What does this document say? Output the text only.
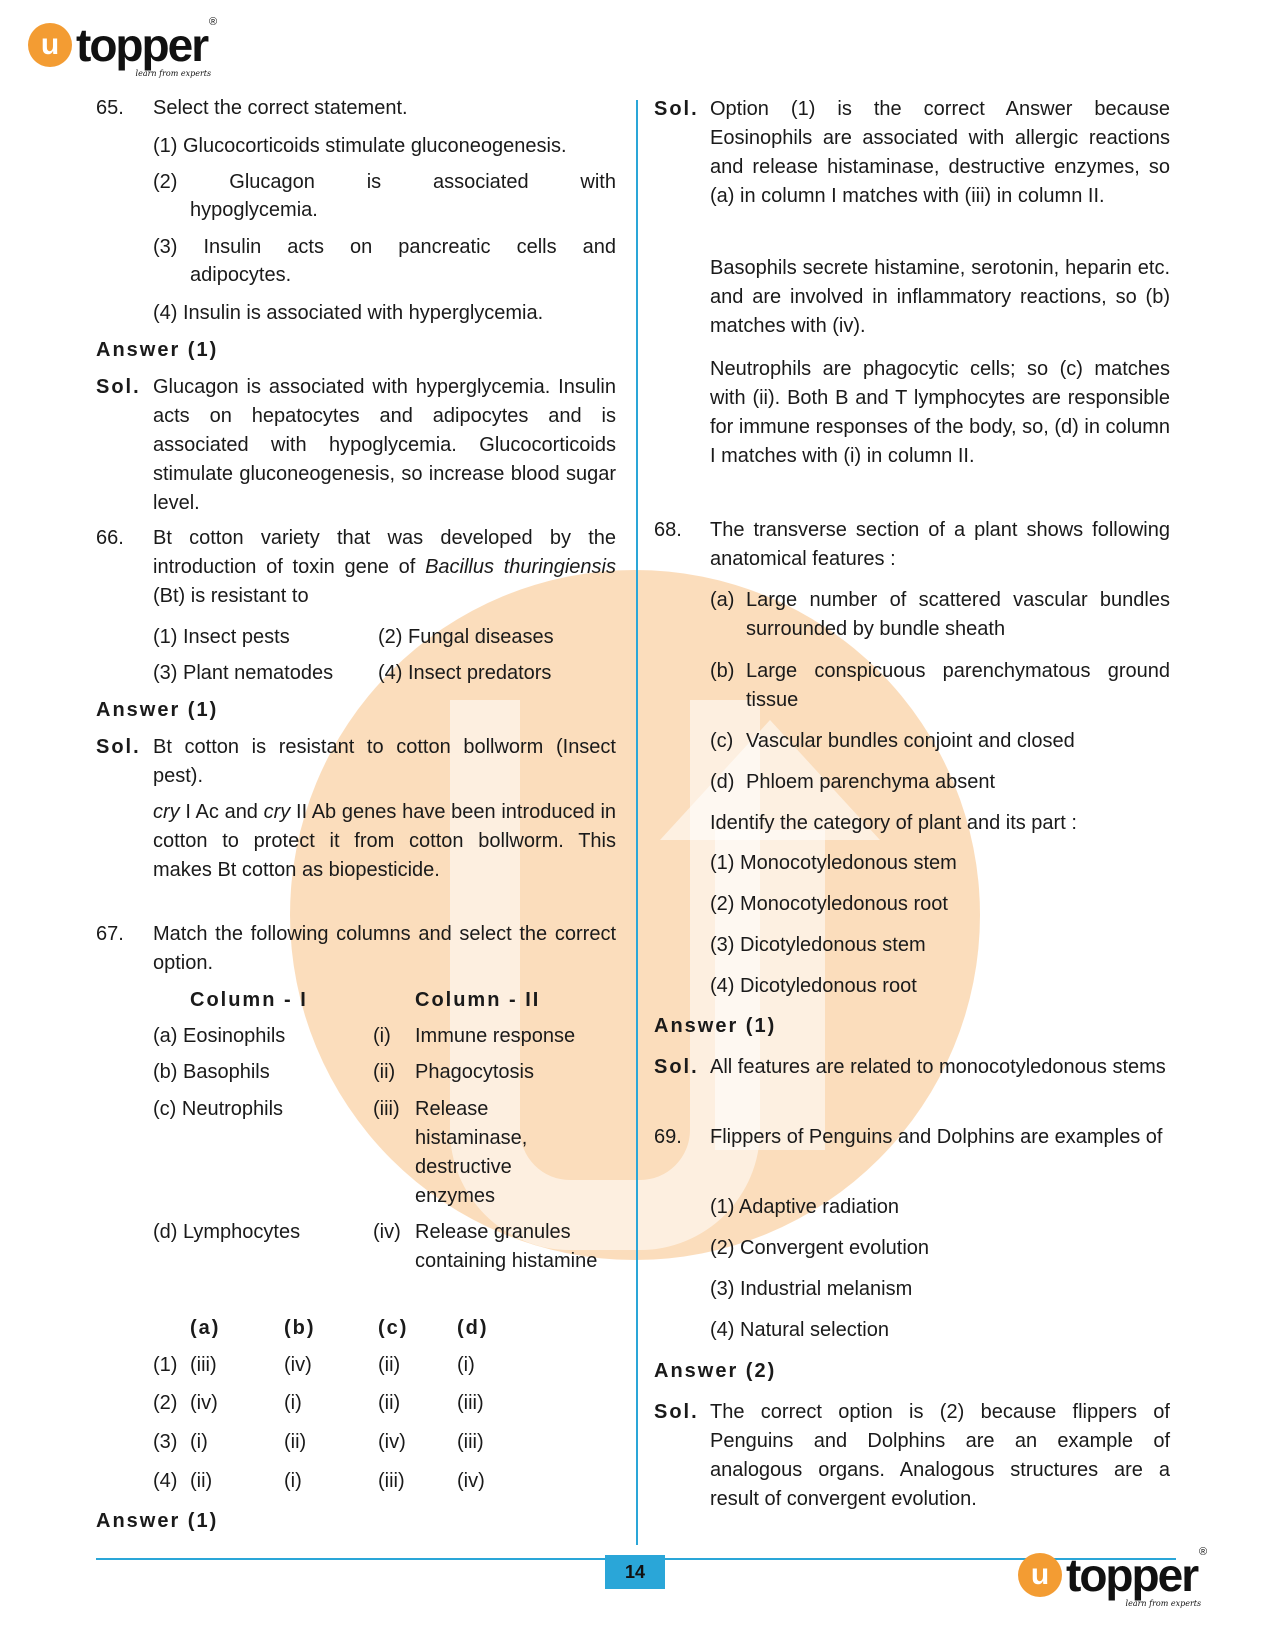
u topper ®
learn from experts
65. Select the correct statement.
(1) Glucocorticoids stimulate gluconeogenesis.
(2) Glucagon is associated with
hypoglycemia.
(3) Insulin acts on pancreatic cells and
adipocytes.
(4) Insulin is associated with hyperglycemia.
Answer (1)
Sol. Glucagon is associated with hyperglycemia. Insulin acts on hepatocytes and adipocytes and is associated with hypoglycemia. Glucocorticoids stimulate gluconeogenesis, so increase blood sugar level.
66. Bt cotton variety that was developed by the introduction of toxin gene of Bacillus thuringiensis (Bt) is resistant to
(1) Insect pests	(2) Fungal diseases
(3) Plant nematodes (4) Insect predators
Answer (1)
Sol. Bt cotton is resistant to cotton bollworm (Insect pest).
cry I Ac and cry II Ab genes have been introduced in cotton to protect it from cotton bollworm. This makes Bt cotton as biopesticide.
67. Match the following columns and select the correct option.
Column - I	Column - II
(a) Eosinophils	(i) Immune response
(b) Basophils	(ii) Phagocytosis
(c) Neutrophils	(iii) Release histaminase, destructive enzymes
(d) Lymphocytes	(iv) Release granules containing histamine
(a)	(b)	(c) (d)
(1) (iii)	(iv)	(ii)	(i)
(2) (iv)	(i)	(ii)	(iii)
(3) (i)	(ii)	(iv)	(iii)
(4) (ii)	(i)	(iii)	(iv)
Answer (1)
Sol. Option (1) is the correct Answer because Eosinophils are associated with allergic reactions and release histaminase, destructive enzymes, so (a) in column I matches with (iii) in column II.
Basophils secrete histamine, serotonin, heparin etc. and are involved in inflammatory reactions, so (b) matches with (iv).
Neutrophils are phagocytic cells; so (c) matches with (ii). Both B and T lymphocytes are responsible for immune responses of the body, so, (d) in column I matches with (i) in column II.
68. The transverse section of a plant shows following anatomical features :
(a) Large number of scattered vascular bundles surrounded by bundle sheath
(b) Large conspicuous parenchymatous ground tissue
(c) Vascular bundles conjoint and closed
(d) Phloem parenchyma absent
Identify the category of plant and its part :
(1) Monocotyledonous stem
(2) Monocotyledonous root
(3) Dicotyledonous stem
(4) Dicotyledonous root
Answer (1)
Sol. All features are related to monocotyledonous stems
69. Flippers of Penguins and Dolphins are examples of
(1) Adaptive radiation
(2) Convergent evolution
(3) Industrial melanism
(4) Natural selection
Answer (2)
Sol. The correct option is (2) because flippers of Penguins and Dolphins are an example of analogous organs. Analogous structures are a result of convergent evolution.
14	u topper ®
learn from experts
